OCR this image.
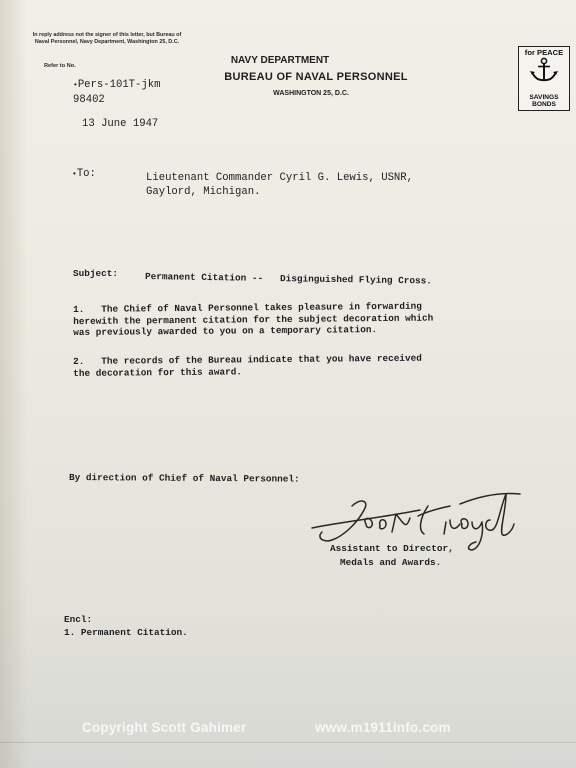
In reply address not the signer of this letter, but Bureau of Naval Personnel, Navy Department, Washington 25, D.C.
Refer to No.	NAVY DEPARTMENT
BUREAU OF NAVAL PERSONNEL
WASHINGTON 25, D.C.
for PEACE
SAVINGS
BONDS
•Pers-101T-jkm
98402
13 June 1947
•To:	Lieutenant Commander Cyril G. Lewis, USNR,
Gaylord, Michigan.
Subject:	Permanent Citation --   Disginguished Flying Cross.
1.   The Chief of Naval Personnel takes pleasure in forwarding
herewith the permanent citation for the subject decoration which
was previously awarded to you on a temporary citation.
2.   The records of the Bureau indicate that you have received
the decoration for this award.
By direction of Chief of Naval Personnel:
Assistant to Director,
Medals and Awards.
Encl:
1. Permanent Citation.
Copyright Scott Gahimer	www.m1911info.com
